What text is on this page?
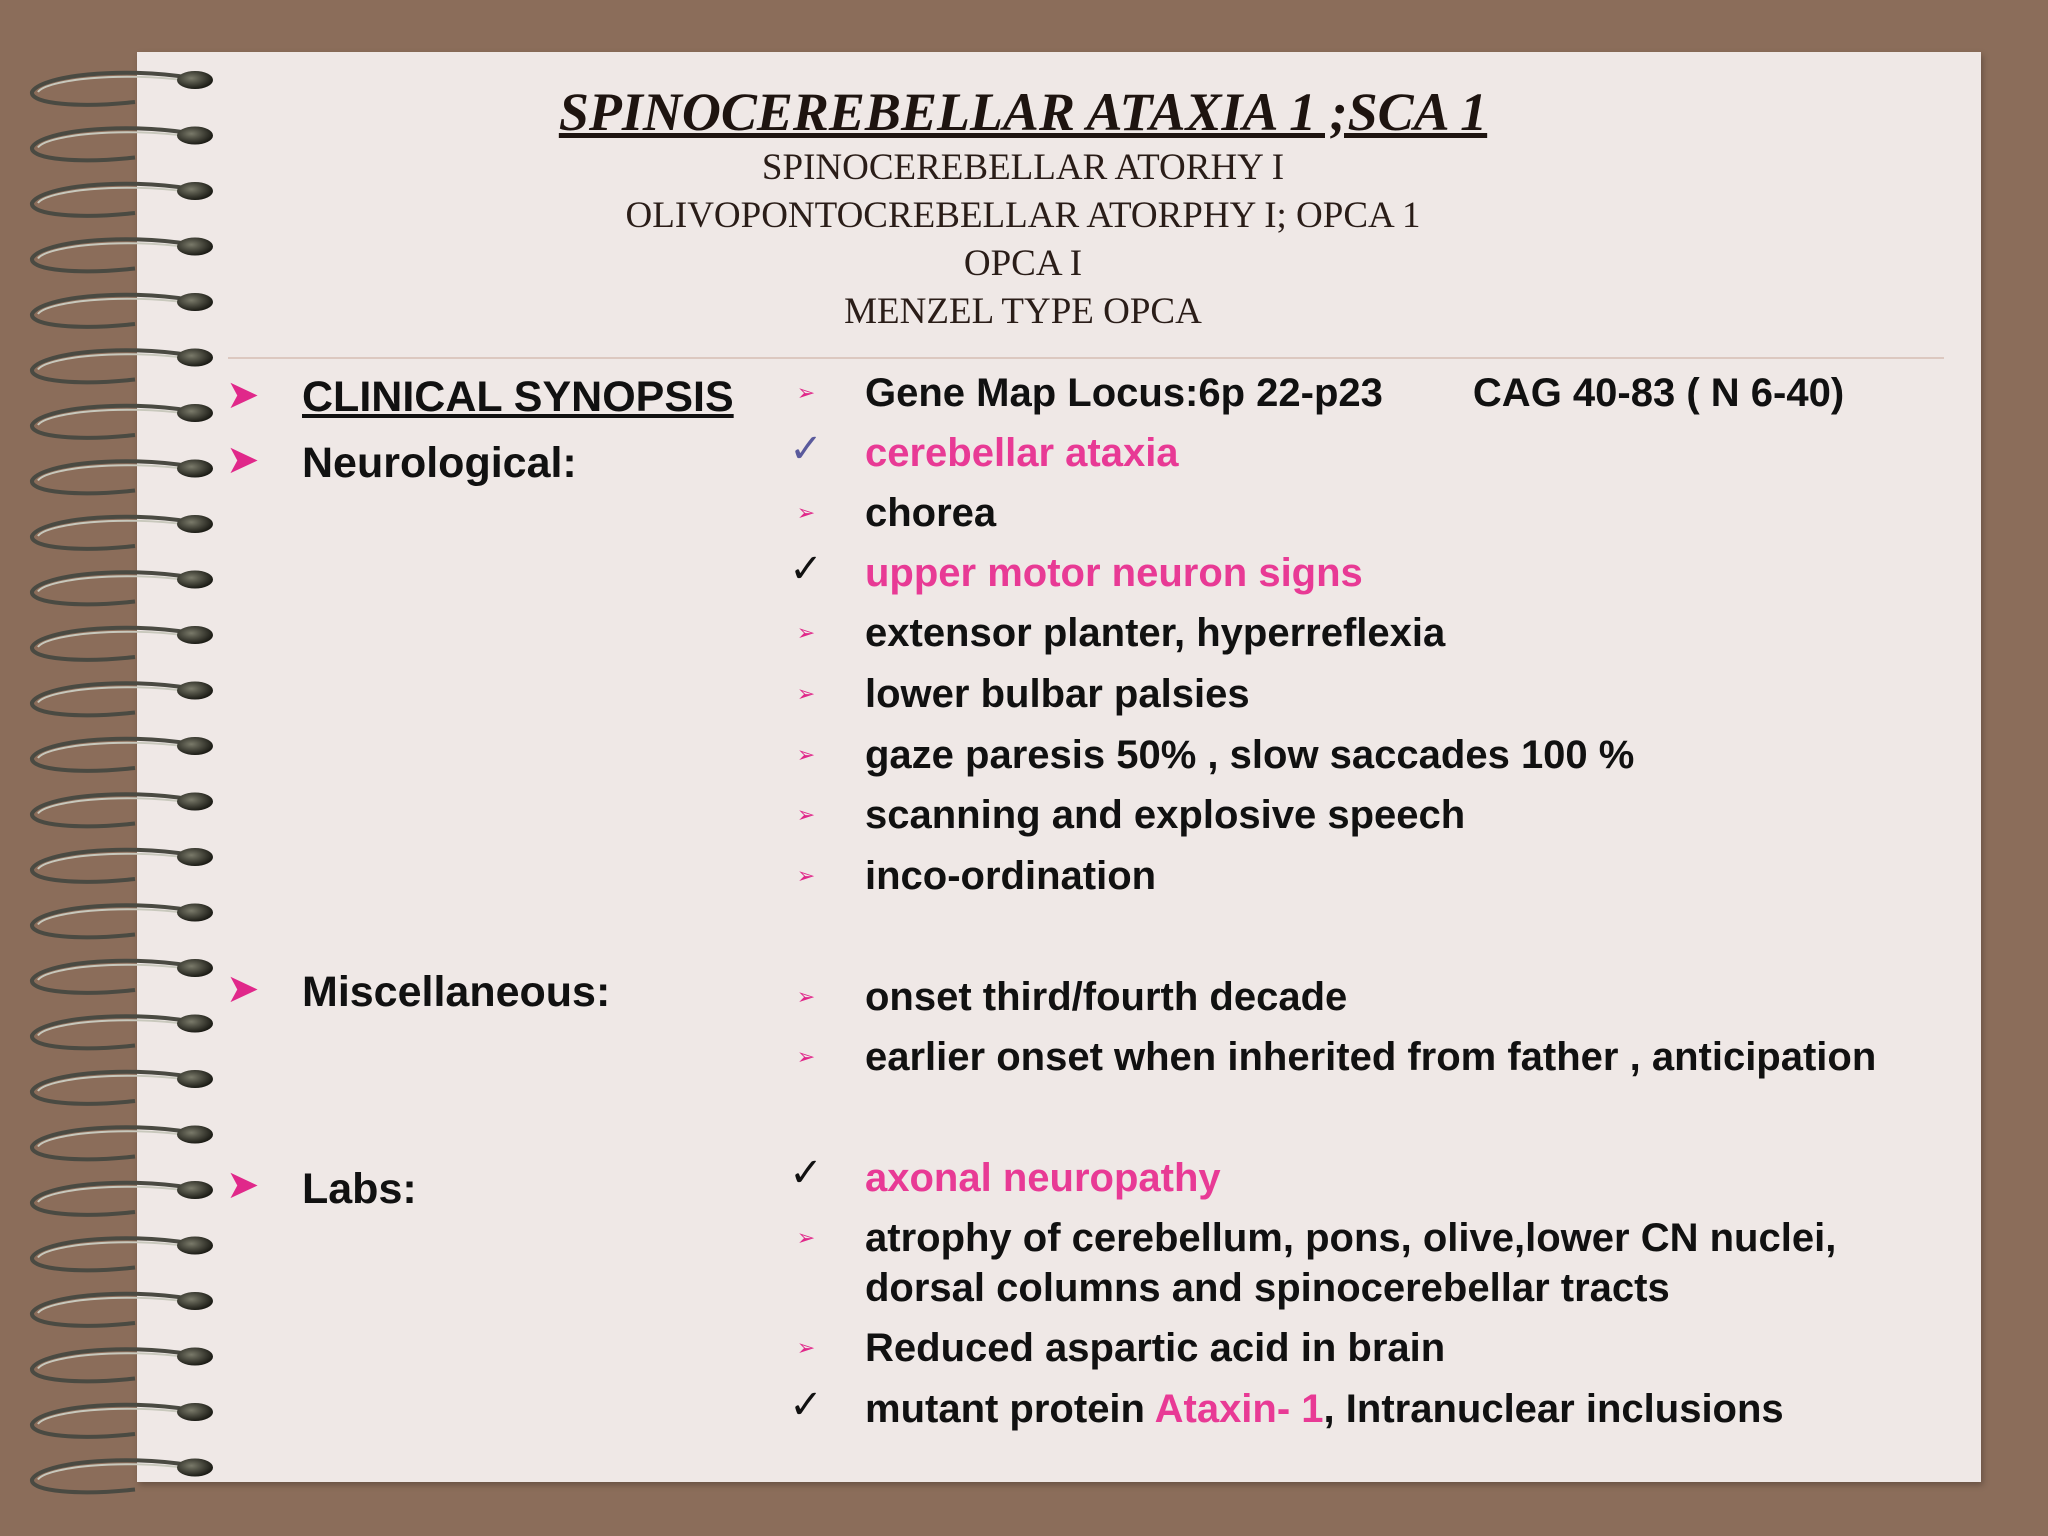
SPINOCEREBELLAR ATAXIA 1 ;SCA 1

SPINOCEREBELLAR ATORHY I

OLIVOPONTOCREBELLAR ATORPHY I; OPCA 1

OPCA I

MENZEL TYPE OPCA

➤ CLINICAL SYNOPSIS
➤ Neurological:
➤ Miscellaneous:
➤ Labs:
➢ Gene Map Locus:6p 22-p23 CAG 40-83 ( N 6-40)
✓ cerebellar ataxia
➢ chorea
✓ upper motor neuron signs
➢ extensor planter, hyperreflexia
➢ lower bulbar palsies
➢ gaze paresis 50% , slow saccades 100 %
➢ scanning and explosive speech
➢ inco-ordination
➢ onset third/fourth decade
➢ earlier onset when inherited from father , anticipation
✓ axonal neuropathy
➢ atrophy of cerebellum, pons, olive,lower CN nuclei,
dorsal columns and spinocerebellar tracts
➢ Reduced aspartic acid in brain
✓ mutant protein Ataxin- 1, Intranuclear inclusions
